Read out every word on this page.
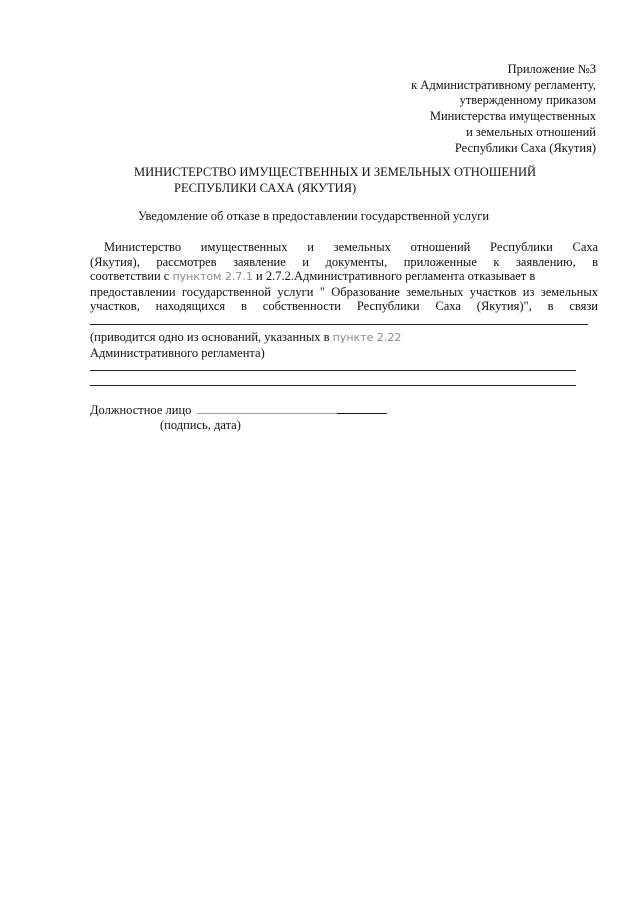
Приложение №3
к Административному регламенту,
утвержденному приказом
Министерства имущественных
и земельных отношений
Республики Саха (Якутия)
МИНИСТЕРСТВО ИМУЩЕСТВЕННЫХ И ЗЕМЕЛЬНЫХ ОТНОШЕНИЙ
РЕСПУБЛИКИ САХА (ЯКУТИЯ)
Уведомление об отказе в предоставлении государственной услуги
Министерство имущественных и земельных отношений Республики Саха
(Якутия), рассмотрев заявление и документы, приложенные к заявлению, в
соответствии с пунктом 2.7.1 и 2.7.2.Административного регламента отказывает в
предоставлении государственной услуги " Образование земельных участков из земельных
участков, находящихся в собственности Республики Саха (Якутия)", в связи
(приводится одно из оснований, указанных в пункте 2.22
Административного регламента)
Должностное лицо
(подпись, дата)
